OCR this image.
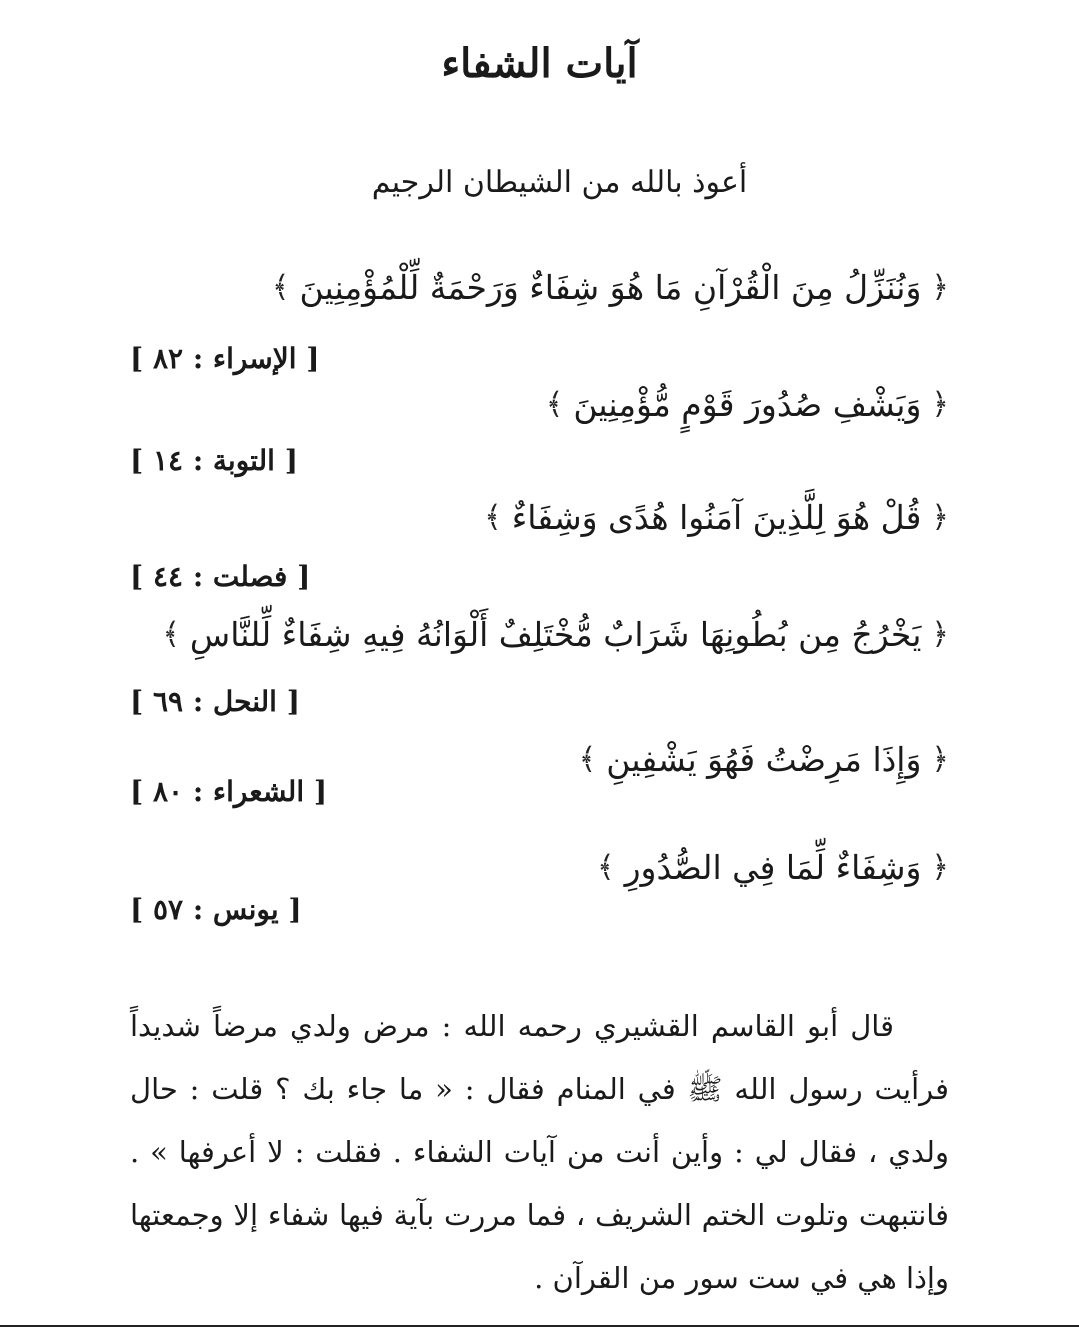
آيات الشفاء
أعوذ بالله من الشيطان الرجيم
﴿
وَنُنَزِّلُ مِنَ الْقُرْآنِ مَا هُوَ شِفَاءٌ وَرَحْمَةٌ لِّلْمُؤْمِنِينَ
﴾
[ الإسراء : ٨٢ ]
﴿
وَيَشْفِ صُدُورَ قَوْمٍ مُّؤْمِنِينَ
﴾
[ التوبة : ١٤ ]
﴿
قُلْ هُوَ لِلَّذِينَ آمَنُوا هُدًى وَشِفَاءٌ
﴾
[ فصلت : ٤٤ ]
﴿
يَخْرُجُ مِن بُطُونِهَا شَرَابٌ مُّخْتَلِفٌ أَلْوَانُهُ فِيهِ شِفَاءٌ لِّلنَّاسِ
﴾
[ النحل : ٦٩ ]
﴿
وَإِذَا مَرِضْتُ فَهُوَ يَشْفِينِ
﴾
[ الشعراء : ٨٠ ]
﴿
وَشِفَاءٌ لِّمَا فِي الصُّدُورِ
﴾
[ يونس : ٥٧ ]

قال أبو القاسم القشيري رحمه الله : مرض ولدي مرضاً شديداً فرأيت رسول الله ﷺ في المنام فقال : « ما جاء بك ؟ قلت : حال ولدي ، فقال لي : وأين أنت من آيات الشفاء . فقلت : لا أعرفها » . فانتبهت وتلوت الختم الشريف ، فما مررت بآية فيها شفاء إلا وجمعتها وإذا هي في ست سور من القرآن .
